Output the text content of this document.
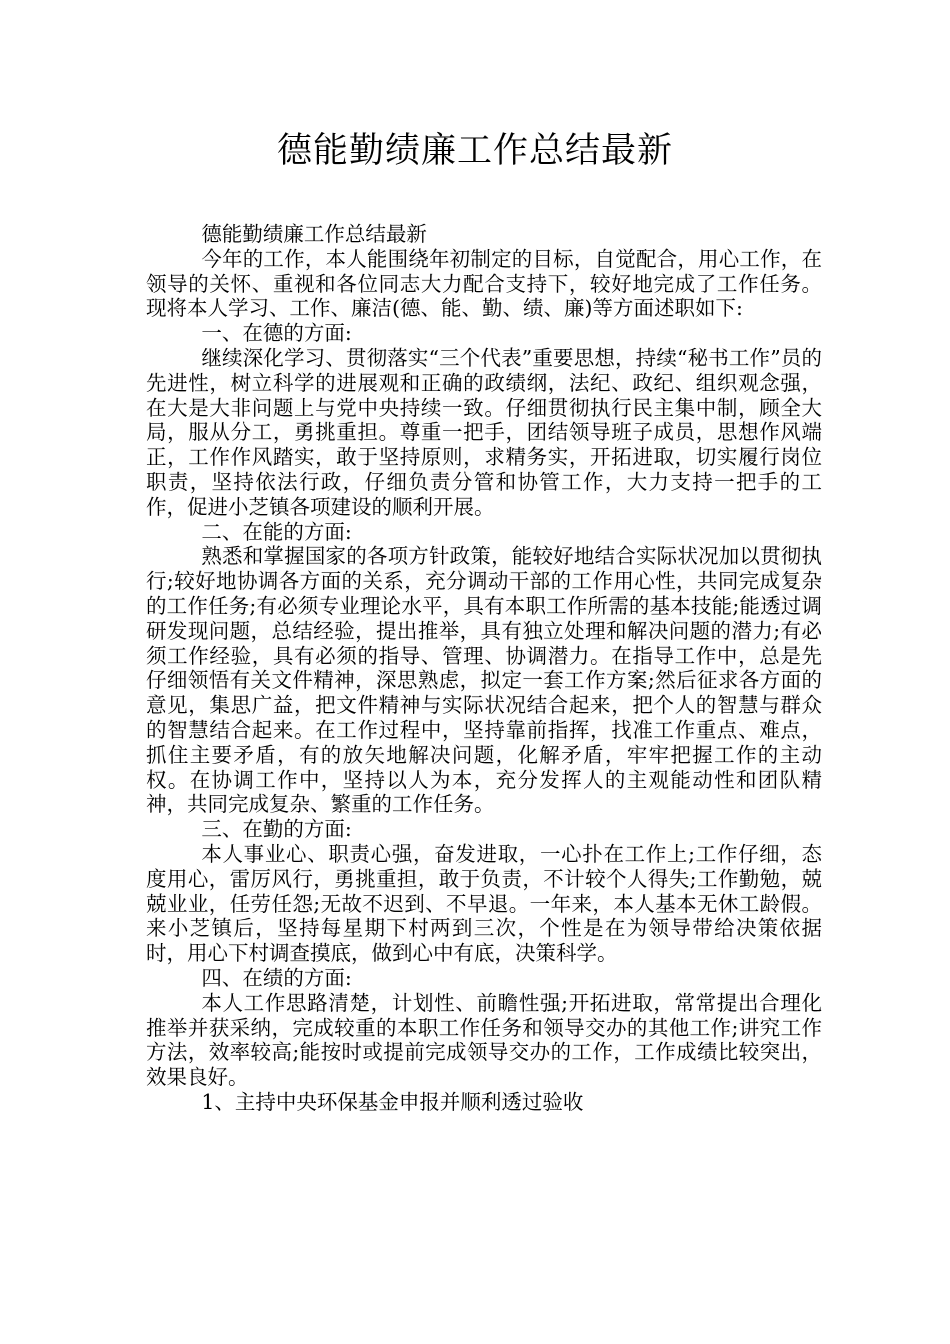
德能勤绩廉工作总结最新

德能勤绩廉工作总结最新

今年的工作，本人能围绕年初制定的目标，自觉配合，用心工作，在领导的关怀、重视和各位同志大力配合支持下，较好地完成了工作任务。现将本人学习、工作、廉洁(德、能、勤、绩、廉)等方面述职如下:

一、在德的方面:

继续深化学习、贯彻落实“三个代表”重要思想，持续“秘书工作”员的先进性，树立科学的进展观和正确的政绩纲，法纪、政纪、组织观念强，在大是大非问题上与党中央持续一致。仔细贯彻执行民主集中制，顾全大局，服从分工，勇挑重担。尊重一把手，团结领导班子成员，思想作风端正，工作作风踏实，敢于坚持原则，求精务实，开拓进取，切实履行岗位职责，坚持依法行政，仔细负责分管和协管工作，大力支持一把手的工作，促进小芝镇各项建设的顺利开展。

二、在能的方面:

熟悉和掌握国家的各项方针政策，能较好地结合实际状况加以贯彻执行;较好地协调各方面的关系，充分调动干部的工作用心性，共同完成复杂的工作任务;有必须专业理论水平，具有本职工作所需的基本技能;能透过调研发现问题，总结经验，提出推举，具有独立处理和解决问题的潜力;有必须工作经验，具有必须的指导、管理、协调潜力。在指导工作中，总是先仔细领悟有关文件精神，深思熟虑，拟定一套工作方案;然后征求各方面的意见，集思广益，把文件精神与实际状况结合起来，把个人的智慧与群众的智慧结合起来。在工作过程中，坚持靠前指挥，找准工作重点、难点，抓住主要矛盾，有的放矢地解决问题，化解矛盾，牢牢把握工作的主动权。在协调工作中，坚持以人为本，充分发挥人的主观能动性和团队精神，共同完成复杂、繁重的工作任务。

三、在勤的方面:

本人事业心、职责心强，奋发进取，一心扑在工作上;工作仔细，态度用心，雷厉风行，勇挑重担，敢于负责，不计较个人得失;工作勤勉，兢兢业业，任劳任怨;无故不迟到、不早退。一年来，本人基本无休工龄假。来小芝镇后，坚持每星期下村两到三次，个性是在为领导带给决策依据时，用心下村调查摸底，做到心中有底，决策科学。

四、在绩的方面:

本人工作思路清楚，计划性、前瞻性强;开拓进取，常常提出合理化推举并获采纳，完成较重的本职工作任务和领导交办的其他工作;讲究工作方法，效率较高;能按时或提前完成领导交办的工作，工作成绩比较突出，效果良好。

1、主持中央环保基金申报并顺利透过验收
